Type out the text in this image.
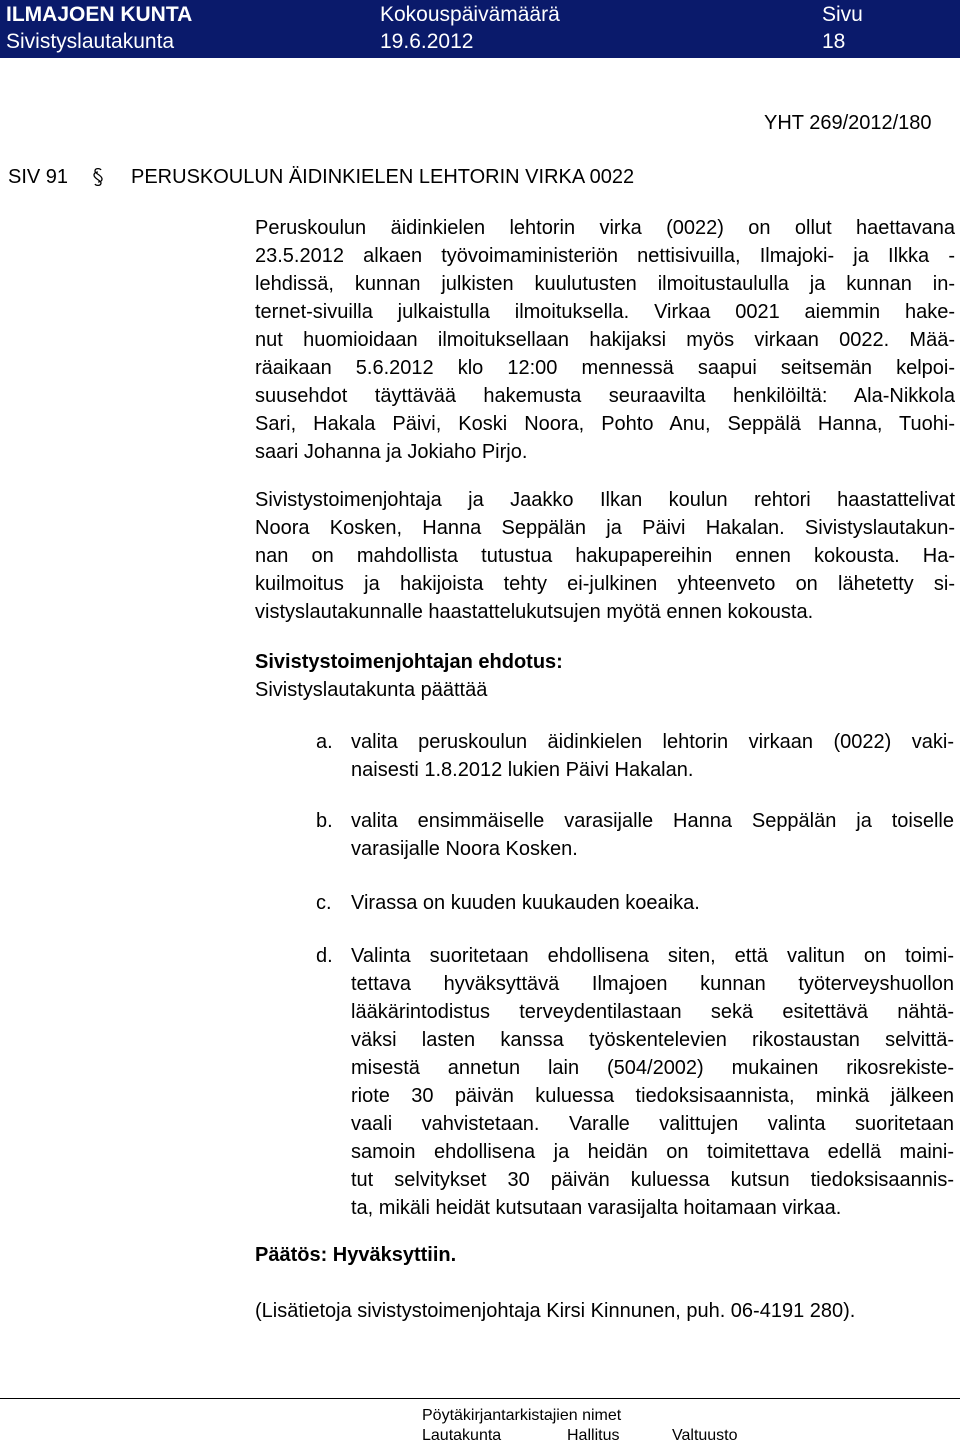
ILMAJOEN KUNTA
Sivistyslautakunta
Kokouspäivämäärä
19.6.2012
Sivu
18
YHT 269/2012/180
SIV 91	PERUSKOULUN ÄIDINKIELEN LEHTORIN VIRKA 0022
Peruskoulun äidinkielen lehtorin virka (0022) on ollut haettavana
23.5.2012 alkaen työvoimaministeriön nettisivuilla, Ilmajoki- ja Ilkka -
lehdissä, kunnan julkisten kuulutusten ilmoitustaululla ja kunnan in-
ternet-sivuilla julkaistulla ilmoituksella. Virkaa 0021 aiemmin hake-
nut huomioidaan ilmoituksellaan hakijaksi myös virkaan 0022. Mää-
räaikaan 5.6.2012 klo 12:00 mennessä saapui seitsemän kelpoi-
suusehdot täyttävää hakemusta seuraavilta henkilöiltä: Ala-Nikkola
Sari, Hakala Päivi, Koski Noora, Pohto Anu, Seppälä Hanna, Tuohi-
saari Johanna ja Jokiaho Pirjo.
Sivistystoimenjohtaja ja Jaakko Ilkan koulun rehtori haastattelivat
Noora Kosken, Hanna Seppälän ja Päivi Hakalan. Sivistyslautakun-
nan on mahdollista tutustua hakupapereihin ennen kokousta. Ha-
kuilmoitus ja hakijoista tehty ei-julkinen yhteenveto on lähetetty si-
vistyslautakunnalle haastattelukutsujen myötä ennen kokousta.
Sivistystoimenjohtajan ehdotus:
Sivistyslautakunta päättää
a. valita peruskoulun äidinkielen lehtorin virkaan (0022) vaki-
naisesti 1.8.2012 lukien Päivi Hakalan.
b. valita ensimmäiselle varasijalle Hanna Seppälän ja toiselle
varasijalle Noora Kosken.
c. Virassa on kuuden kuukauden koeaika.
d. Valinta suoritetaan ehdollisena siten, että valitun on toimi-
tettava hyväksyttävä Ilmajoen kunnan työterveyshuollon
lääkärintodistus terveydentilastaan sekä esitettävä nähtä-
väksi lasten kanssa työskentelevien rikostaustan selvittä-
misestä annetun lain (504/2002) mukainen rikosrekiste-
riote 30 päivän kuluessa tiedoksisaannista, minkä jälkeen
vaali vahvistetaan. Varalle valittujen valinta suoritetaan
samoin ehdollisena ja heidän on toimitettava edellä maini-
tut selvitykset 30 päivän kuluessa kutsun tiedoksisaannis-
ta, mikäli heidät kutsutaan varasijalta hoitamaan virkaa.
Päätös: Hyväksyttiin.
(Lisätietoja sivistystoimenjohtaja Kirsi Kinnunen, puh. 06-4191 280).
Pöytäkirjantarkistajien nimet
Lautakunta	Hallitus	Valtuusto
